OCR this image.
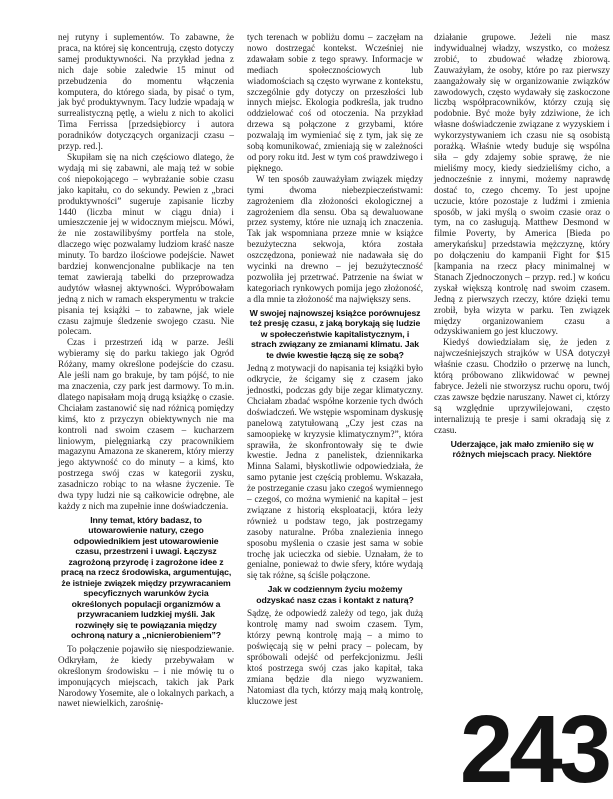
nej rutyny i suplementów. To zabawne, że praca, na której się koncentrują, często dotyczy samej produktywności. Na przykład jedna z nich daje sobie zaledwie 15 minut od przebudzenia do momentu włączenia komputera, do którego siada, by pisać o tym, jak być produktywnym. Tacy ludzie wpadają w surrealistyczną pętlę, a wielu z nich to akolici Tima Ferrissa [przedsiębiorcy i autora poradników dotyczących organizacji czasu – przyp. red.].

Skupiłam się na nich częściowo dlatego, że wydają mi się zabawni, ale mają też w sobie coś niepokojącego – wybrażanie sobie czasu jako kapitału, co do sekundy. Pewien z „braci produktywności” sugeruje zapisanie liczby 1440 (liczba minut w ciągu dnia) i umieszczenie jej w widocznym miejscu. Mówi, że nie zostawilibyśmy portfela na stole, dlaczego więc pozwalamy ludziom kraść nasze minuty. To bardzo ilościowe podejście. Nawet bardziej konwencjonalne publikacje na ten temat zawierają tabelki do przeprowadza audytów własnej aktywności. Wypróbowałam jedną z nich w ramach eksperymentu w trakcie pisania tej książki – to zabawne, jak wiele czasu zajmuje śledzenie swojego czasu. Nie polecam.

Czas i przestrzeń idą w parze. Jeśli wybieramy się do parku takiego jak Ogród Różany, mamy określone podejście do czasu. Ale jeśli nam go brakuje, by tam pójść, to nie ma znaczenia, czy park jest darmowy. To m.in. dlatego napisałam moją drugą książkę o czasie. Chciałam zastanowić się nad różnicą pomiędzy kimś, kto z przyczyn obiektywnych nie ma kontroli nad swoim czasem – kucharzem liniowym, pielęgniarką czy pracownikiem magazynu Amazona ze skanerem, który mierzy jego aktywność co do minuty – a kimś, kto postrzega swój czas w kategorii zysku, zasadniczo robiąc to na własne życzenie. Te dwa typy ludzi nie są całkowicie odrębne, ale każdy z nich ma zupełnie inne doświadczenia.

Inny temat, który badasz, to utowarowienie natury, czego odpowiednikiem jest utowarowienie czasu, przestrzeni i uwagi. Łączysz zagrożoną przyrodę i zagrożone idee z pracą na rzecz środowiska, argumentując, że istnieje związek między przywracaniem specyficznych warunków życia określonych populacji organizmów a przywracaniem ludzkiej myśli. Jak rozwinęły się te powiązania między ochroną natury a „nicnierobieniem”?

To połączenie pojawiło się niespodziewanie. Odkryłam, że kiedy przebywałam w określonym środowisku – i nie mówię tu o imponujących miejscach, takich jak Park Narodowy Yosemite, ale o lokalnych parkach, a nawet niewielkich, zarośnię-

tych terenach w pobliżu domu – zaczęłam na nowo dostrzegać kontekst. Wcześniej nie zdawałam sobie z tego sprawy. Informacje w mediach społecznościowych lub wiadomościach są często wyrwane z kontekstu, szczególnie gdy dotyczy on przeszłości lub innych miejsc. Ekologia podkreśla, jak trudno oddzielować coś od otoczenia. Na przykład drzewa są połączone z grzybami, które pozwalają im wymieniać się z tym, jak się ze sobą komunikować, zmieniają się w zależności od pory roku itd. Jest w tym coś prawdziwego i pięknego.

W ten sposób zauważyłam związek między tymi dwoma niebezpieczeństwami: zagrożeniem dla złożoności ekologicznej a zagrożeniem dla sensu. Oba są dewaluowane przez systemy, które nie uznają ich znaczenia. Tak jak wspomniana przeze mnie w książce bezużyteczna sekwoja, która została oszczędzona, ponieważ nie nadawała się do wycinki na drewno – jej bezużyteczność pozwoliła jej przetrwać. Patrzenie na świat w kategoriach rynkowych pomija jego złożoność, a dla mnie ta złożoność ma największy sens.

W swojej najnowszej książce porównujesz też presję czasu, z jaką borykają się ludzie w społeczeństwie kapitalistycznym, i strach związany ze zmianami klimatu. Jak te dwie kwestie łączą się ze sobą?

Jedną z motywacji do napisania tej książki było odkrycie, że ścigamy się z czasem jako jednostki, podczas gdy bije zegar klimatyczny. Chciałam zbadać współne korzenie tych dwóch doświadczeń. We wstępie wspominam dyskusję panelową zatytułowaną „Czy jest czas na samoopiekę w kryzysie klimatycznym?”, która sprawiła, że skonfrontowały się te dwie kwestie. Jedna z panelistek, dziennikarka Minna Salami, błyskotliwie odpowiedziała, że samo pytanie jest częścią problemu. Wskazała, że postrzeganie czasu jako czegoś wymiennego – czegoś, co można wymienić na kapitał – jest związane z historią eksploatacji, która leży również u podstaw tego, jak postrzegamy zasoby naturalne. Próba znalezienia innego sposobu myślenia o czasie jest sama w sobie trochę jak ucieczka od siebie. Uznałam, że to genialne, ponieważ to dwie sfery, które wydają się tak różne, są ściśle połączone.

Jak w codziennym życiu możemy odzyskać nasz czas i kontakt z naturą?

Sądzę, że odpowiedź zależy od tego, jak dużą kontrolę mamy nad swoim czasem. Tym, którzy pewną kontrolę mają – a mimo to poświęcają się w pełni pracy – polecam, by spróbowali odejść od perfekcjonizmu. Jeśli ktoś postrzega swój czas jako kapitał, taka zmiana będzie dla niego wyzwaniem. Natomiast dla tych, którzy mają małą kontrolę, kluczowe jest

działanie grupowe. Jeżeli nie masz indywidualnej władzy, wszystko, co możesz zrobić, to zbudować władzę zbiorową. Zauważyłam, że osoby, które po raz pierwszy zaangażowały się w organizowanie związków zawodowych, często wydawały się zaskoczone liczbą współpracowników, którzy czują się podobnie. Być może były zdziwione, że ich własne doświadczenie związane z wyzyskiem i wykorzystywaniem ich czasu nie są osobistą porażką. Właśnie wtedy buduje się wspólna siła – gdy zdajemy sobie sprawę, że nie mieliśmy mocy, kiedy siedzieliśmy cicho, a jednocześnie z innymi, możemy naprawdę dostać to, czego chcemy. To jest upojne uczucie, które pozostaje z ludźmi i zmienia sposób, w jaki myślą o swoim czasie oraz o tym, na co zasługują. Matthew Desmond w filmie Poverty, by America [Bieda po amerykańsku] przedstawia mężczyznę, który po dołączeniu do kampanii Fight for $15 [kampania na rzecz płacy minimalnej w Stanach Zjednoczonych – przyp. red.] w końcu zyskał większą kontrolę nad swoim czasem. Jedną z pierwszych rzeczy, które dzięki temu zrobił, była wizyta w parku. Ten związek między organizowaniem czasu a odzyskiwaniem go jest kluczowy.

Kiedyś dowiedziałam się, że jeden z najwcześniejszych strajków w USA dotyczył właśnie czasu. Chodziło o przerwę na lunch, którą próbowano zlikwidować w pewnej fabryce. Jeżeli nie stworzysz ruchu oporu, twój czas zawsze będzie naruszany. Nawet ci, którzy są względnie uprzywilejowani, często internalizują te presje i sami okradają się z czasu.

Uderzające, jak mało zmieniło się w różnych miejscach pracy. Niektóre
243
